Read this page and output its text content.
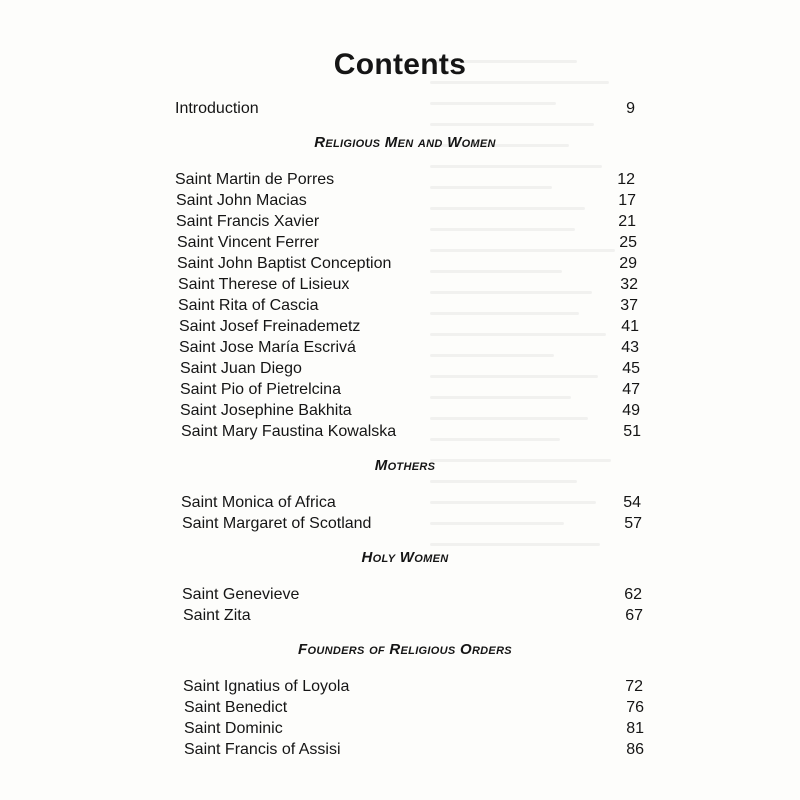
Contents
Introduction	9
Religious Men and Women
Saint Martin de Porres	12
Saint John Macias	17
Saint Francis Xavier	21
Saint Vincent Ferrer	25
Saint John Baptist Conception	29
Saint Therese of Lisieux	32
Saint Rita of Cascia	37
Saint Josef Freinademetz	41
Saint Jose María Escrivá	43
Saint Juan Diego	45
Saint Pio of Pietrelcina	47
Saint Josephine Bakhita	49
Saint Mary Faustina Kowalska	51
Mothers
Saint Monica of Africa	54
Saint Margaret of Scotland	57
Holy Women
Saint Genevieve	62
Saint Zita	67
Founders of Religious Orders
Saint Ignatius of Loyola	72
Saint Benedict	76
Saint Dominic	81
Saint Francis of Assisi	86
